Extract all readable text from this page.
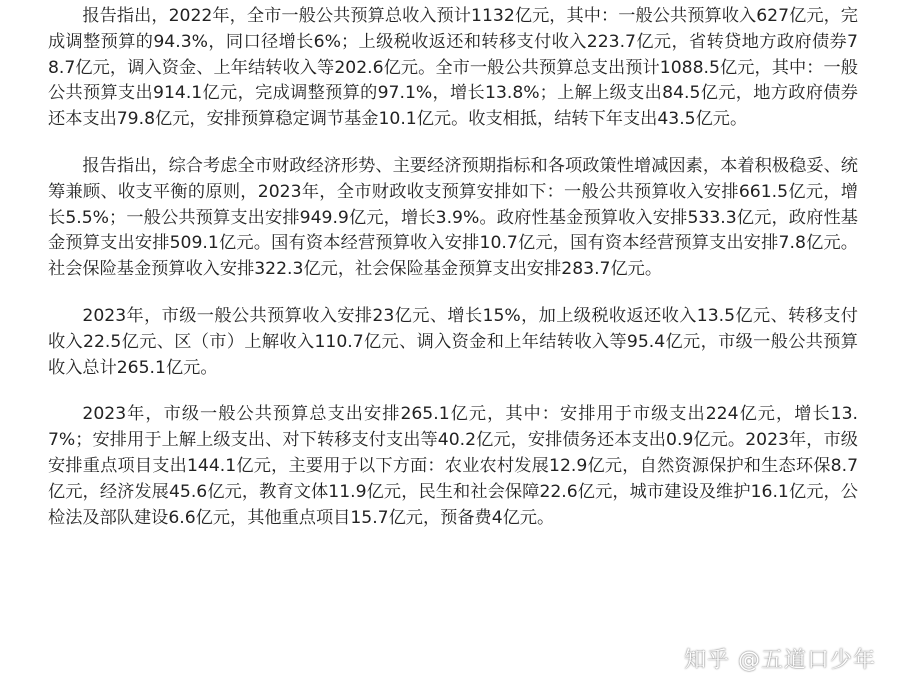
报告指出，2022年，全市一般公共预算总收入预计1132亿元，其中：一般公共预算收入627亿元，完成调整预算的94.3%，同口径增长6%；上级税收返还和转移支付收入223.7亿元，省转贷地方政府债券78.7亿元，调入资金、上年结转收入等202.6亿元。全市一般公共预算总支出预计1088.5亿元，其中：一般公共预算支出914.1亿元，完成调整预算的97.1%，增长13.8%；上解上级支出84.5亿元，地方政府债券还本支出79.8亿元，安排预算稳定调节基金10.1亿元。收支相抵，结转下年支出43.5亿元。

报告指出，综合考虑全市财政经济形势、主要经济预期指标和各项政策性增减因素，本着积极稳妥、统筹兼顾、收支平衡的原则，2023年，全市财政收支预算安排如下：一般公共预算收入安排661.5亿元，增长5.5%；一般公共预算支出安排949.9亿元，增长3.9%。政府性基金预算收入安排533.3亿元，政府性基金预算支出安排509.1亿元。国有资本经营预算收入安排10.7亿元，国有资本经营预算支出安排7.8亿元。社会保险基金预算收入安排322.3亿元，社会保险基金预算支出安排283.7亿元。

2023年，市级一般公共预算收入安排23亿元、增长15%，加上级税收返还收入13.5亿元、转移支付收入22.5亿元、区（市）上解收入110.7亿元、调入资金和上年结转收入等95.4亿元，市级一般公共预算收入总计265.1亿元。

2023年，市级一般公共预算总支出安排265.1亿元，其中：安排用于市级支出224亿元，增长13.7%；安排用于上解上级支出、对下转移支付支出等40.2亿元，安排债务还本支出0.9亿元。2023年，市级安排重点项目支出144.1亿元，主要用于以下方面：农业农村发展12.9亿元，自然资源保护和生态环保8.7亿元，经济发展45.6亿元，教育文体11.9亿元，民生和社会保障22.6亿元，城市建设及维护16.1亿元，公检法及部队建设6.6亿元，其他重点项目15.7亿元，预备费4亿元。

知乎 @五道口少年
